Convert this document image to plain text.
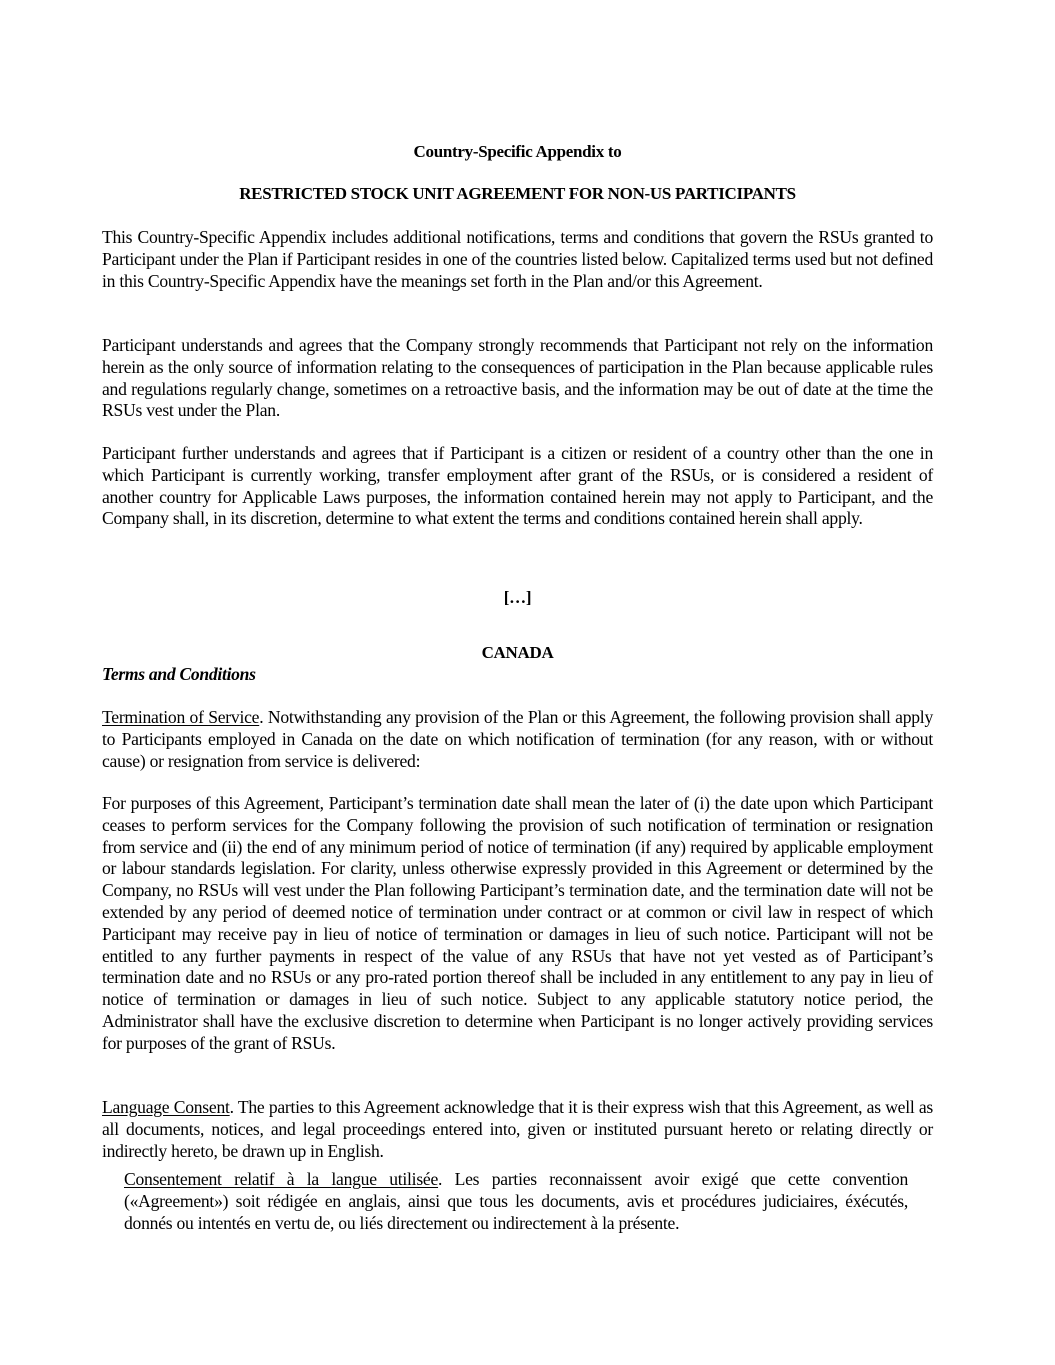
Country-Specific Appendix to
RESTRICTED STOCK UNIT AGREEMENT FOR NON-US PARTICIPANTS

This Country-Specific Appendix includes additional notifications, terms and conditions that govern the RSUs granted to Participant under the Plan if Participant resides in one of the countries listed below. Capitalized terms used but not defined in this Country-Specific Appendix have the meanings set forth in the Plan and/or this Agreement.

Participant understands and agrees that the Company strongly recommends that Participant not rely on the information herein as the only source of information relating to the consequences of participation in the Plan because applicable rules and regulations regularly change, sometimes on a retroactive basis, and the information may be out of date at the time the RSUs vest under the Plan.

Participant further understands and agrees that if Participant is a citizen or resident of a country other than the one in which Participant is currently working, transfer employment after grant of the RSUs, or is considered a resident of another country for Applicable Laws purposes, the information contained herein may not apply to Participant, and the Company shall, in its discretion, determine to what extent the terms and conditions contained herein shall apply.

[…]
CANADA
Terms and Conditions

Termination of Service. Notwithstanding any provision of the Plan or this Agreement, the following provision shall apply to Participants employed in Canada on the date on which notification of termination (for any reason, with or without cause) or resignation from service is delivered:

For purposes of this Agreement, Participant’s termination date shall mean the later of (i) the date upon which Participant ceases to perform services for the Company following the provision of such notification of termination or resignation from service and (ii) the end of any minimum period of notice of termination (if any) required by applicable employment or labour standards legislation. For clarity, unless otherwise expressly provided in this Agreement or determined by the Company, no RSUs will vest under the Plan following Participant’s termination date, and the termination date will not be extended by any period of deemed notice of termination under contract or at common or civil law in respect of which Participant may receive pay in lieu of notice of termination or damages in lieu of such notice. Participant will not be entitled to any further payments in respect of the value of any RSUs that have not yet vested as of Participant’s termination date and no RSUs or any pro-rated portion thereof shall be included in any entitlement to any pay in lieu of notice of termination or damages in lieu of such notice. Subject to any applicable statutory notice period, the Administrator shall have the exclusive discretion to determine when Participant is no longer actively providing services for purposes of the grant of RSUs.

Language Consent. The parties to this Agreement acknowledge that it is their express wish that this Agreement, as well as all documents, notices, and legal proceedings entered into, given or instituted pursuant hereto or relating directly or indirectly hereto, be drawn up in English.

Consentement relatif à la langue utilisée. Les parties reconnaissent avoir exigé que cette convention («Agreement») soit rédigée en anglais, ainsi que tous les documents, avis et procédures judiciaires, éxécutés, donnés ou intentés en vertu de, ou liés directement ou indirectement à la présente.
